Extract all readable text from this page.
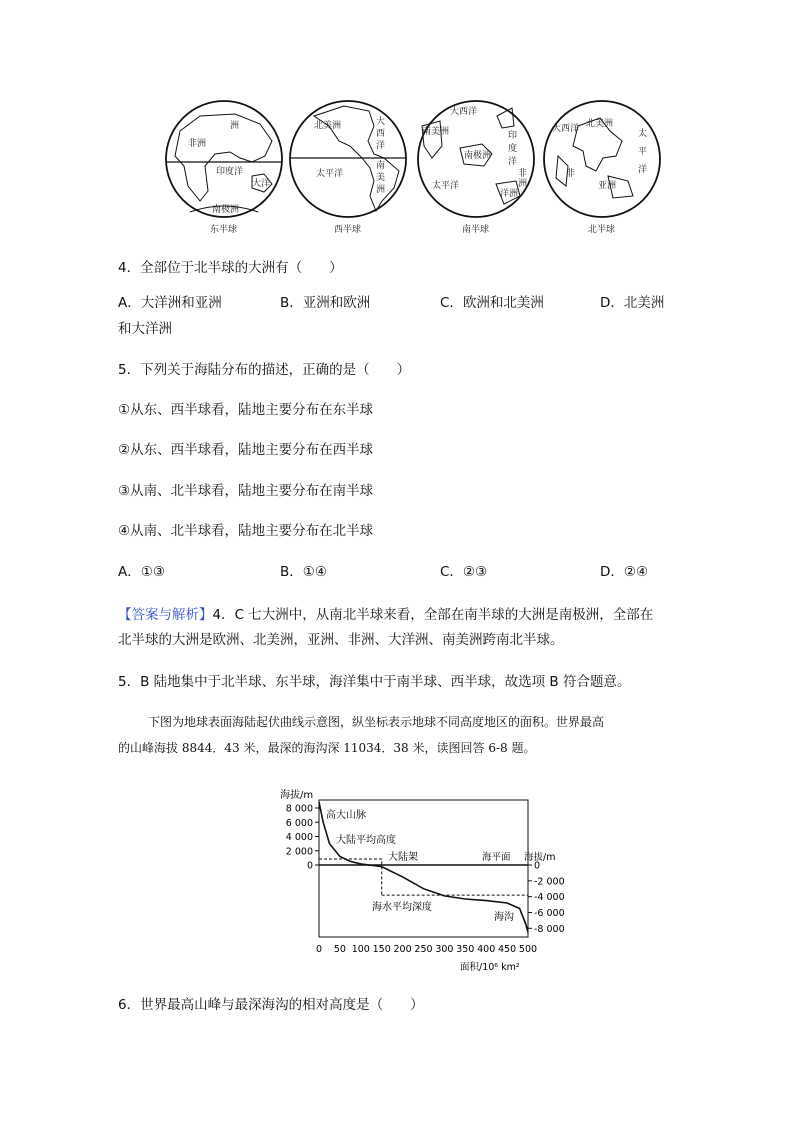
洲
非洲
印度洋
大洋
南极洲
东半球
北美洲	大
西
洋
太平洋
南
美
洲
西半球
大西洋
南美洲	印
度
洋
南极洲
太平洋
非
洲
洋洲
南半球
大西洋 北美洲
太
平
洋
亚洲
非
北半球
4．全部位于北半球的大洲有（　　）
A．大洋洲和亚洲	B．亚洲和欧洲	C．欧洲和北美洲	D．北美洲
和大洋洲
5．下列关于海陆分布的描述，正确的是（　　）
①从东、西半球看，陆地主要分布在东半球
②从东、西半球看，陆地主要分布在西半球
③从南、北半球看，陆地主要分布在南半球
④从南、北半球看，陆地主要分布在北半球
A．①③	B．①④	C．②③	D．②④
【答案与解析】4．C 七大洲中，从南北半球来看，全部在南半球的大洲是南极洲，全部在
北半球的大洲是欧洲、北美洲，亚洲、非洲、大洋洲、南美洲跨南北半球。
5．B 陆地集中于北半球、东半球，海洋集中于南半球、西半球，故选项 B 符合题意。
下图为地球表面海陆起伏曲线示意图，纵坐标表示地球不同高度地区的面积。世界最高
的山峰海拔 8844．43 米，最深的海沟深 11034．38 米，读图回答 6-8 题。
海拔/m
海拔/m
面积/10⁶ km²
8 000
6 000
4 000
2 000
0	0
-2 000
-4 000
-6 000
-8 000
0 50 100 150 200 250 300 350 400 450 500
高大山脉
大陆平均高度
大陆架	海平面
海水平均深度
海沟
6．世界最高山峰与最深海沟的相对高度是（　　）
